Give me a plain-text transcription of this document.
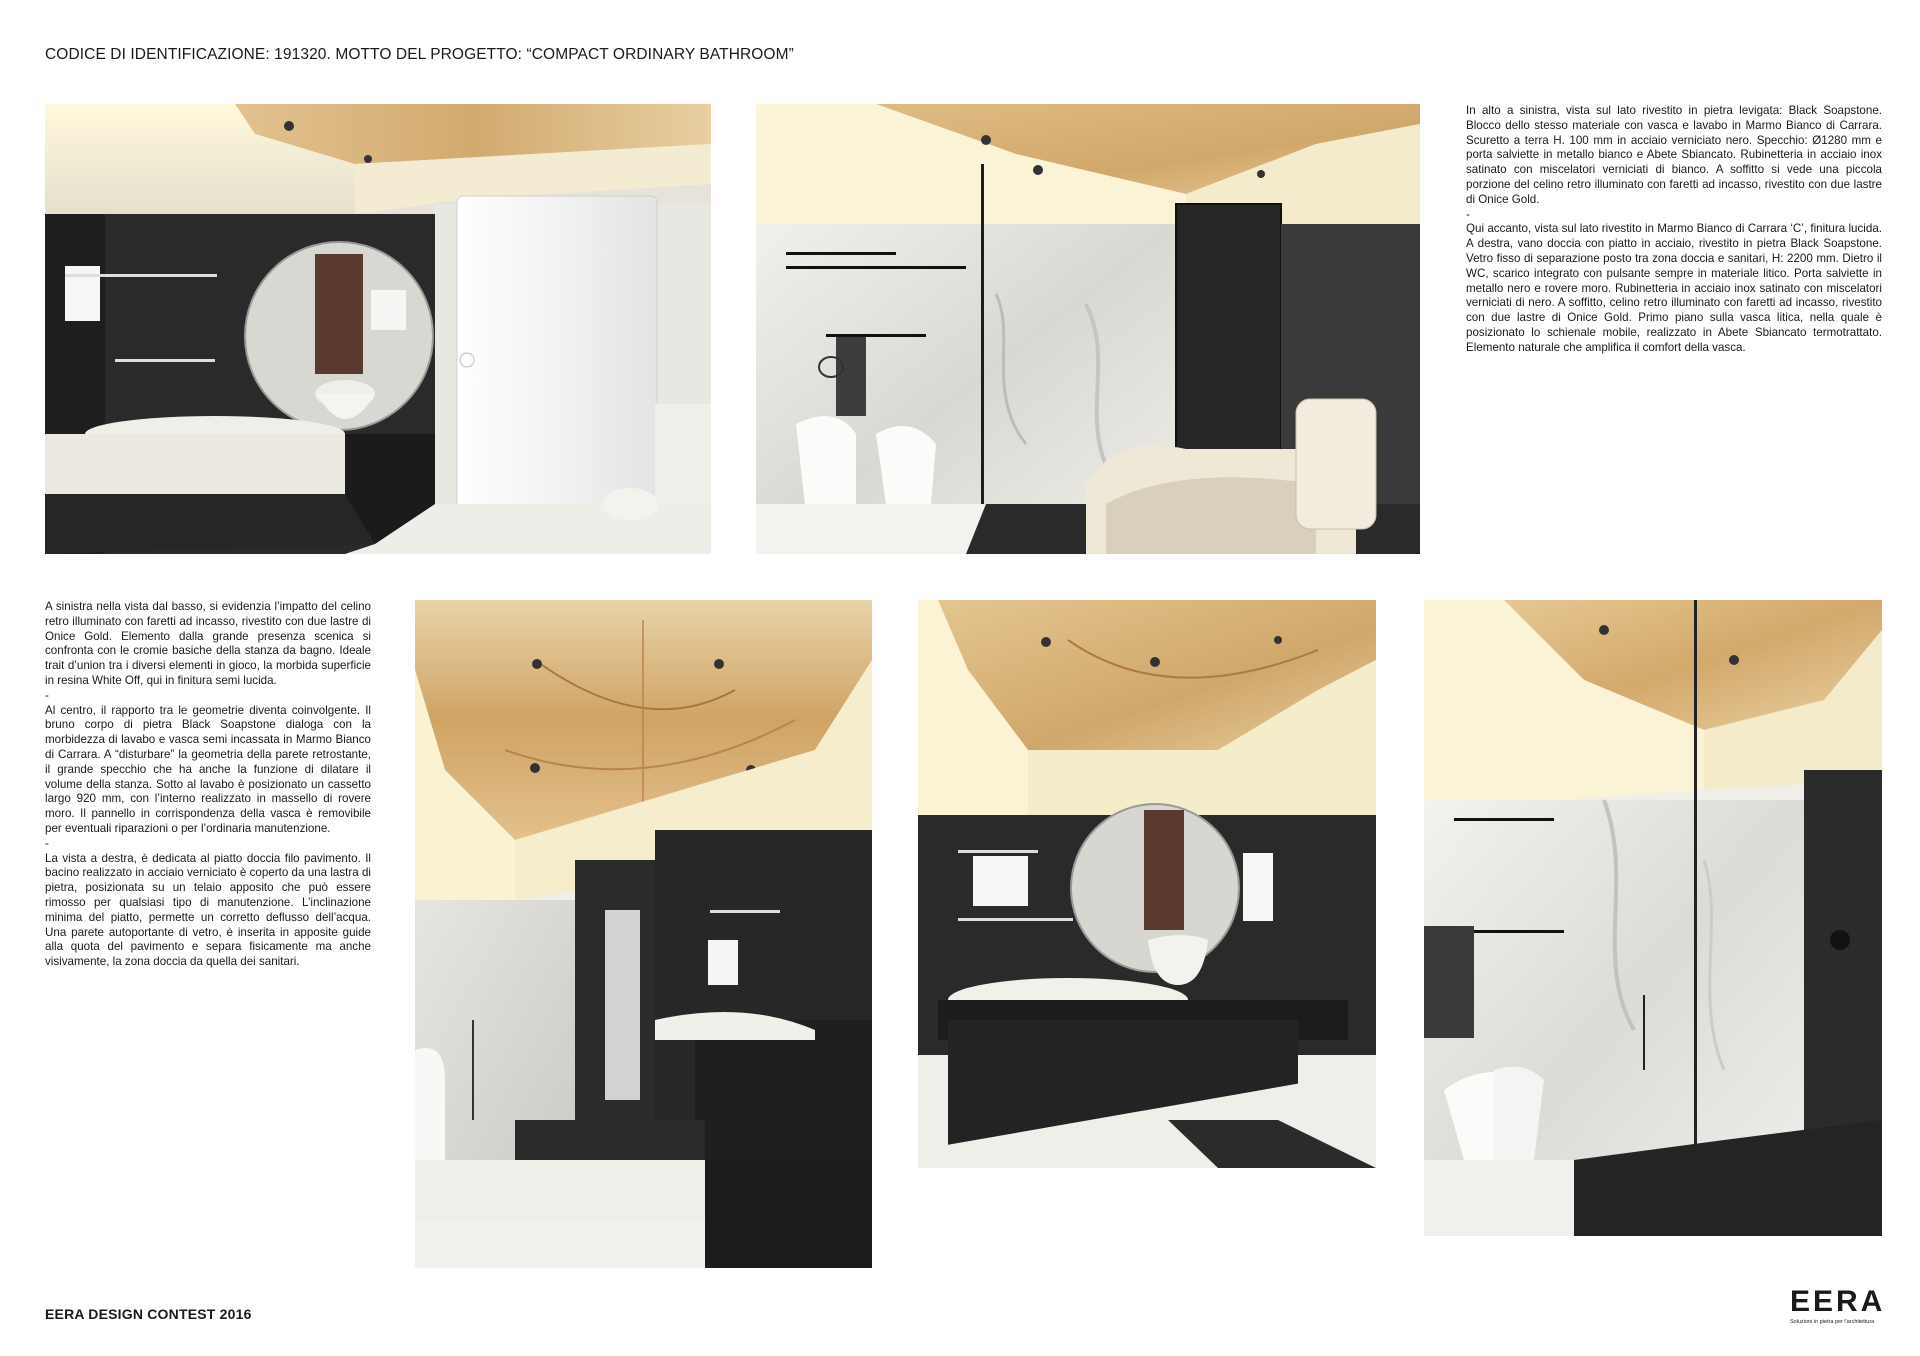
CODICE DI IDENTIFICAZIONE: 191320. MOTTO DEL PROGETTO: “COMPACT ORDINARY BATHROOM”

In alto a sinistra, vista sul lato rivestito in pietra levigata: Black Soapstone. Blocco dello stesso materiale con vasca e lavabo in Marmo Bianco di Carrara. Scuretto a terra H. 100 mm in acciaio verniciato nero. Specchio: Ø1280 mm e porta salviette in metallo bianco e Abete Sbiancato. Rubinetteria in acciaio inox satinato con miscelatori verniciati di bianco. A soffitto si vede una piccola porzione del celino retro illuminato con faretti ad incasso, rivestito con due lastre di Onice Gold.

-

Qui accanto, vista sul lato rivestito in Marmo Bianco di Carrara ‘C’, finitura lucida. A destra, vano doccia con piatto in acciaio, rivestito in pietra Black Soapstone. Vetro fisso di separazione posto tra zona doccia e sanitari, H: 2200 mm. Dietro il WC, scarico integrato con pulsante sempre in materiale litico. Porta salviette in metallo nero e rovere moro. Rubinetteria in acciaio inox satinato con miscelatori verniciati di nero. A soffitto, celino retro illuminato con faretti ad incasso, rivestito con due lastre di Onice Gold. Primo piano sulla vasca litica, nella quale è posizionato lo schienale mobile, realizzato in Abete Sbiancato termotrattato. Elemento naturale che amplifica il comfort della vasca.

A sinistra nella vista dal basso, si evidenzia l’impatto del celino retro illuminato con faretti ad incasso, rivestito con due lastre di Onice Gold. Elemento dalla grande presenza scenica si confronta con le cromie basiche della stanza da bagno. Ideale trait d’union tra i diversi elementi in gioco, la morbida superficie in resina White Off, qui in finitura semi lucida.

-

Al centro, il rapporto tra le geometrie diventa coinvolgente. Il bruno corpo di pietra Black Soapstone dialoga con la morbidezza di lavabo e vasca semi incassata in Marmo Bianco di Carrara. A “disturbare” la geometria della parete retrostante, il grande specchio che ha anche la funzione di dilatare il volume della stanza. Sotto al lavabo è posizionato un cassetto largo 920 mm, con l’interno realizzato in massello di rovere moro. Il pannello in corrispondenza della vasca è removibile per eventuali riparazioni o per l’ordinaria manutenzione.

-

La vista a destra, è dedicata al piatto doccia filo pavimento. Il bacino realizzato in acciaio verniciato è coperto da una lastra di pietra, posizionata su un telaio apposito che può essere rimosso per qualsiasi tipo di manutenzione. L’inclinazione minima del piatto, permette un corretto deflusso dell’acqua. Una parete autoportante di vetro, è inserita in apposite guide alla quota del pavimento e separa fisicamente ma anche visivamente, la zona doccia da quella dei sanitari.

EERA DESIGN CONTEST 2016	EERA
Soluzioni in pietra per l'architettura
